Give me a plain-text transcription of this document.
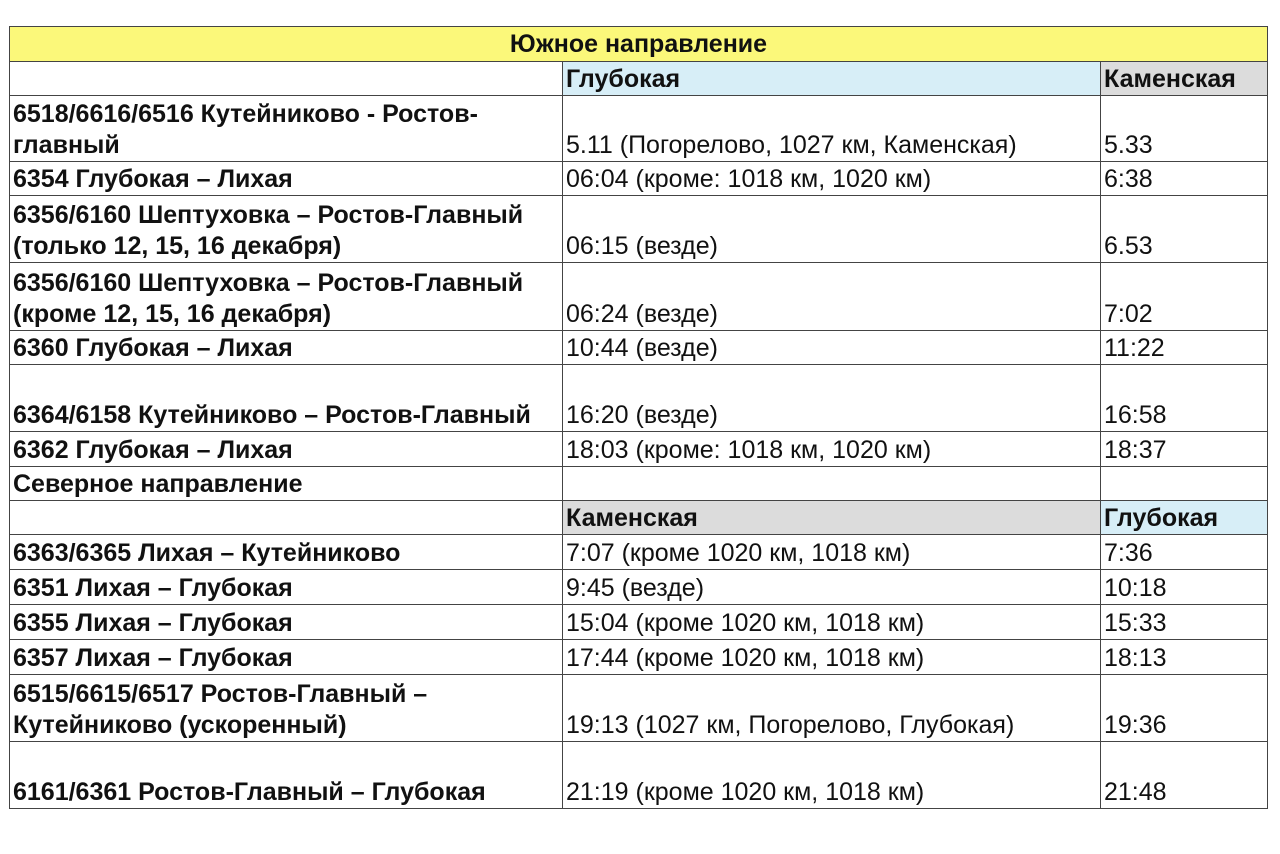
Южное направление		
	Глубокая	Каменская
6518/6616/6516 Кутейниково - Ростов-главный	5.11 (Погорелово, 1027 км, Каменская)	5.33
6354 Глубокая – Лихая	06:04 (кроме: 1018 км, 1020 км)	6:38
6356/6160 Шептуховка – Ростов-Главный (только 12, 15, 16 декабря)	06:15 (везде)	6.53
6356/6160 Шептуховка – Ростов-Главный (кроме 12, 15, 16 декабря)	06:24 (везде)	7:02
6360 Глубокая – Лихая	10:44 (везде)	11:22
6364/6158 Кутейниково – Ростов-Главный	16:20 (везде)	16:58
6362 Глубокая – Лихая	18:03 (кроме: 1018 км, 1020 км)	18:37
Северное направление		
	Каменская	Глубокая
6363/6365 Лихая – Кутейниково	7:07 (кроме 1020 км, 1018 км)	7:36
6351 Лихая – Глубокая	9:45 (везде)	10:18
6355 Лихая – Глубокая	15:04 (кроме 1020 км, 1018 км)	15:33
6357 Лихая – Глубокая	17:44 (кроме 1020 км, 1018 км)	18:13
6515/6615/6517 Ростов-Главный – Кутейниково (ускоренный)	19:13 (1027 км, Погорелово, Глубокая)	19:36
6161/6361 Ростов-Главный – Глубокая	21:19 (кроме 1020 км, 1018 км)	21:48
